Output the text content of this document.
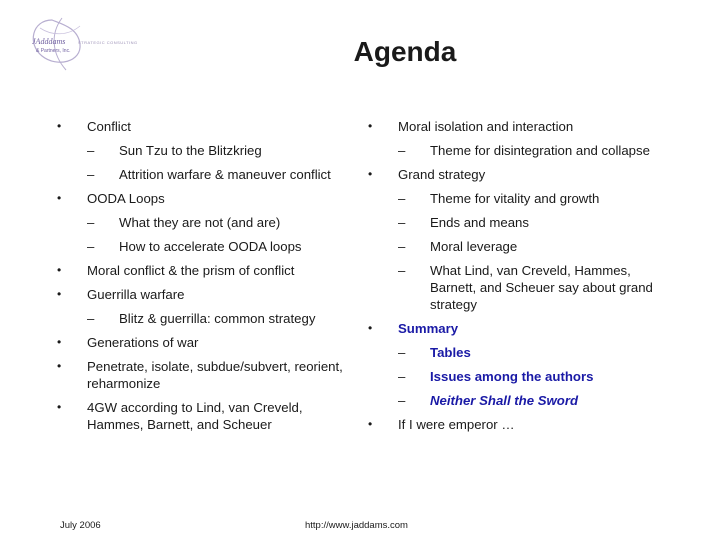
JAdddams
& Partners, Inc.
STRATEGIC CONSULTING	Agenda
• Conflict
– Sun Tzu to the Blitzkrieg
– Attrition warfare & maneuver conflict
• OODA Loops
– What they are not (and are)
– How to accelerate OODA loops
• Moral conflict & the prism of conflict
• Guerrilla warfare
– Blitz & guerrilla: common strategy
• Generations of war
• Penetrate, isolate, subdue/subvert, reorient, reharmonize
• 4GW according to Lind, van Creveld, Hammes, Barnett, and Scheuer
• Moral isolation and interaction
– Theme for disintegration and collapse
• Grand strategy
– Theme for vitality and growth
– Ends and means
– Moral leverage
– What Lind, van Creveld, Hammes, Barnett, and Scheuer say about grand strategy
• Summary
– Tables
– Issues among the authors
– Neither Shall the Sword
• If I were emperor …
July 2006	http://www.jaddams.com
